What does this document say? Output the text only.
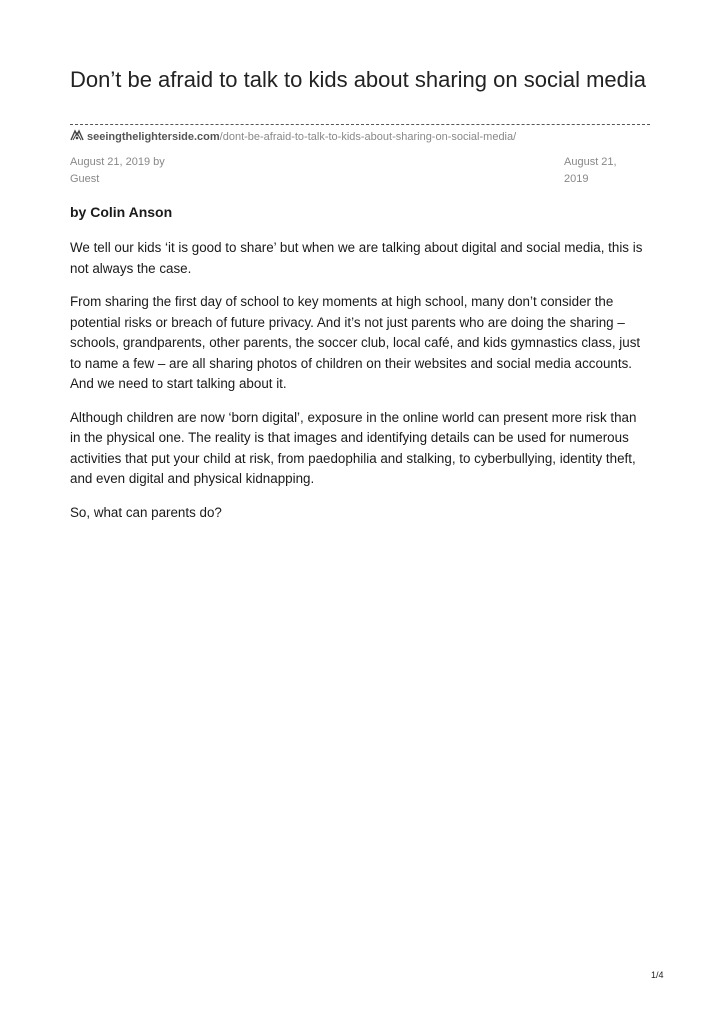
Don’t be afraid to talk to kids about sharing on social media
seeingthelighterside.com/dont-be-afraid-to-talk-to-kids-about-sharing-on-social-media/
August 21, 2019 by
Guest
August 21,
2019
by Colin Anson

We tell our kids ‘it is good to share’ but when we are talking about digital and social media, this is not always the case.

From sharing the first day of school to key moments at high school, many don’t consider the potential risks or breach of future privacy. And it’s not just parents who are doing the sharing – schools, grandparents, other parents, the soccer club, local café, and kids gymnastics class, just to name a few – are all sharing photos of children on their websites and social media accounts. And we need to start talking about it.

Although children are now ‘born digital’, exposure in the online world can present more risk than in the physical one. The reality is that images and identifying details can be used for numerous activities that put your child at risk, from paedophilia and stalking, to cyberbullying, identity theft, and even digital and physical kidnapping.

So, what can parents do?

1/4
